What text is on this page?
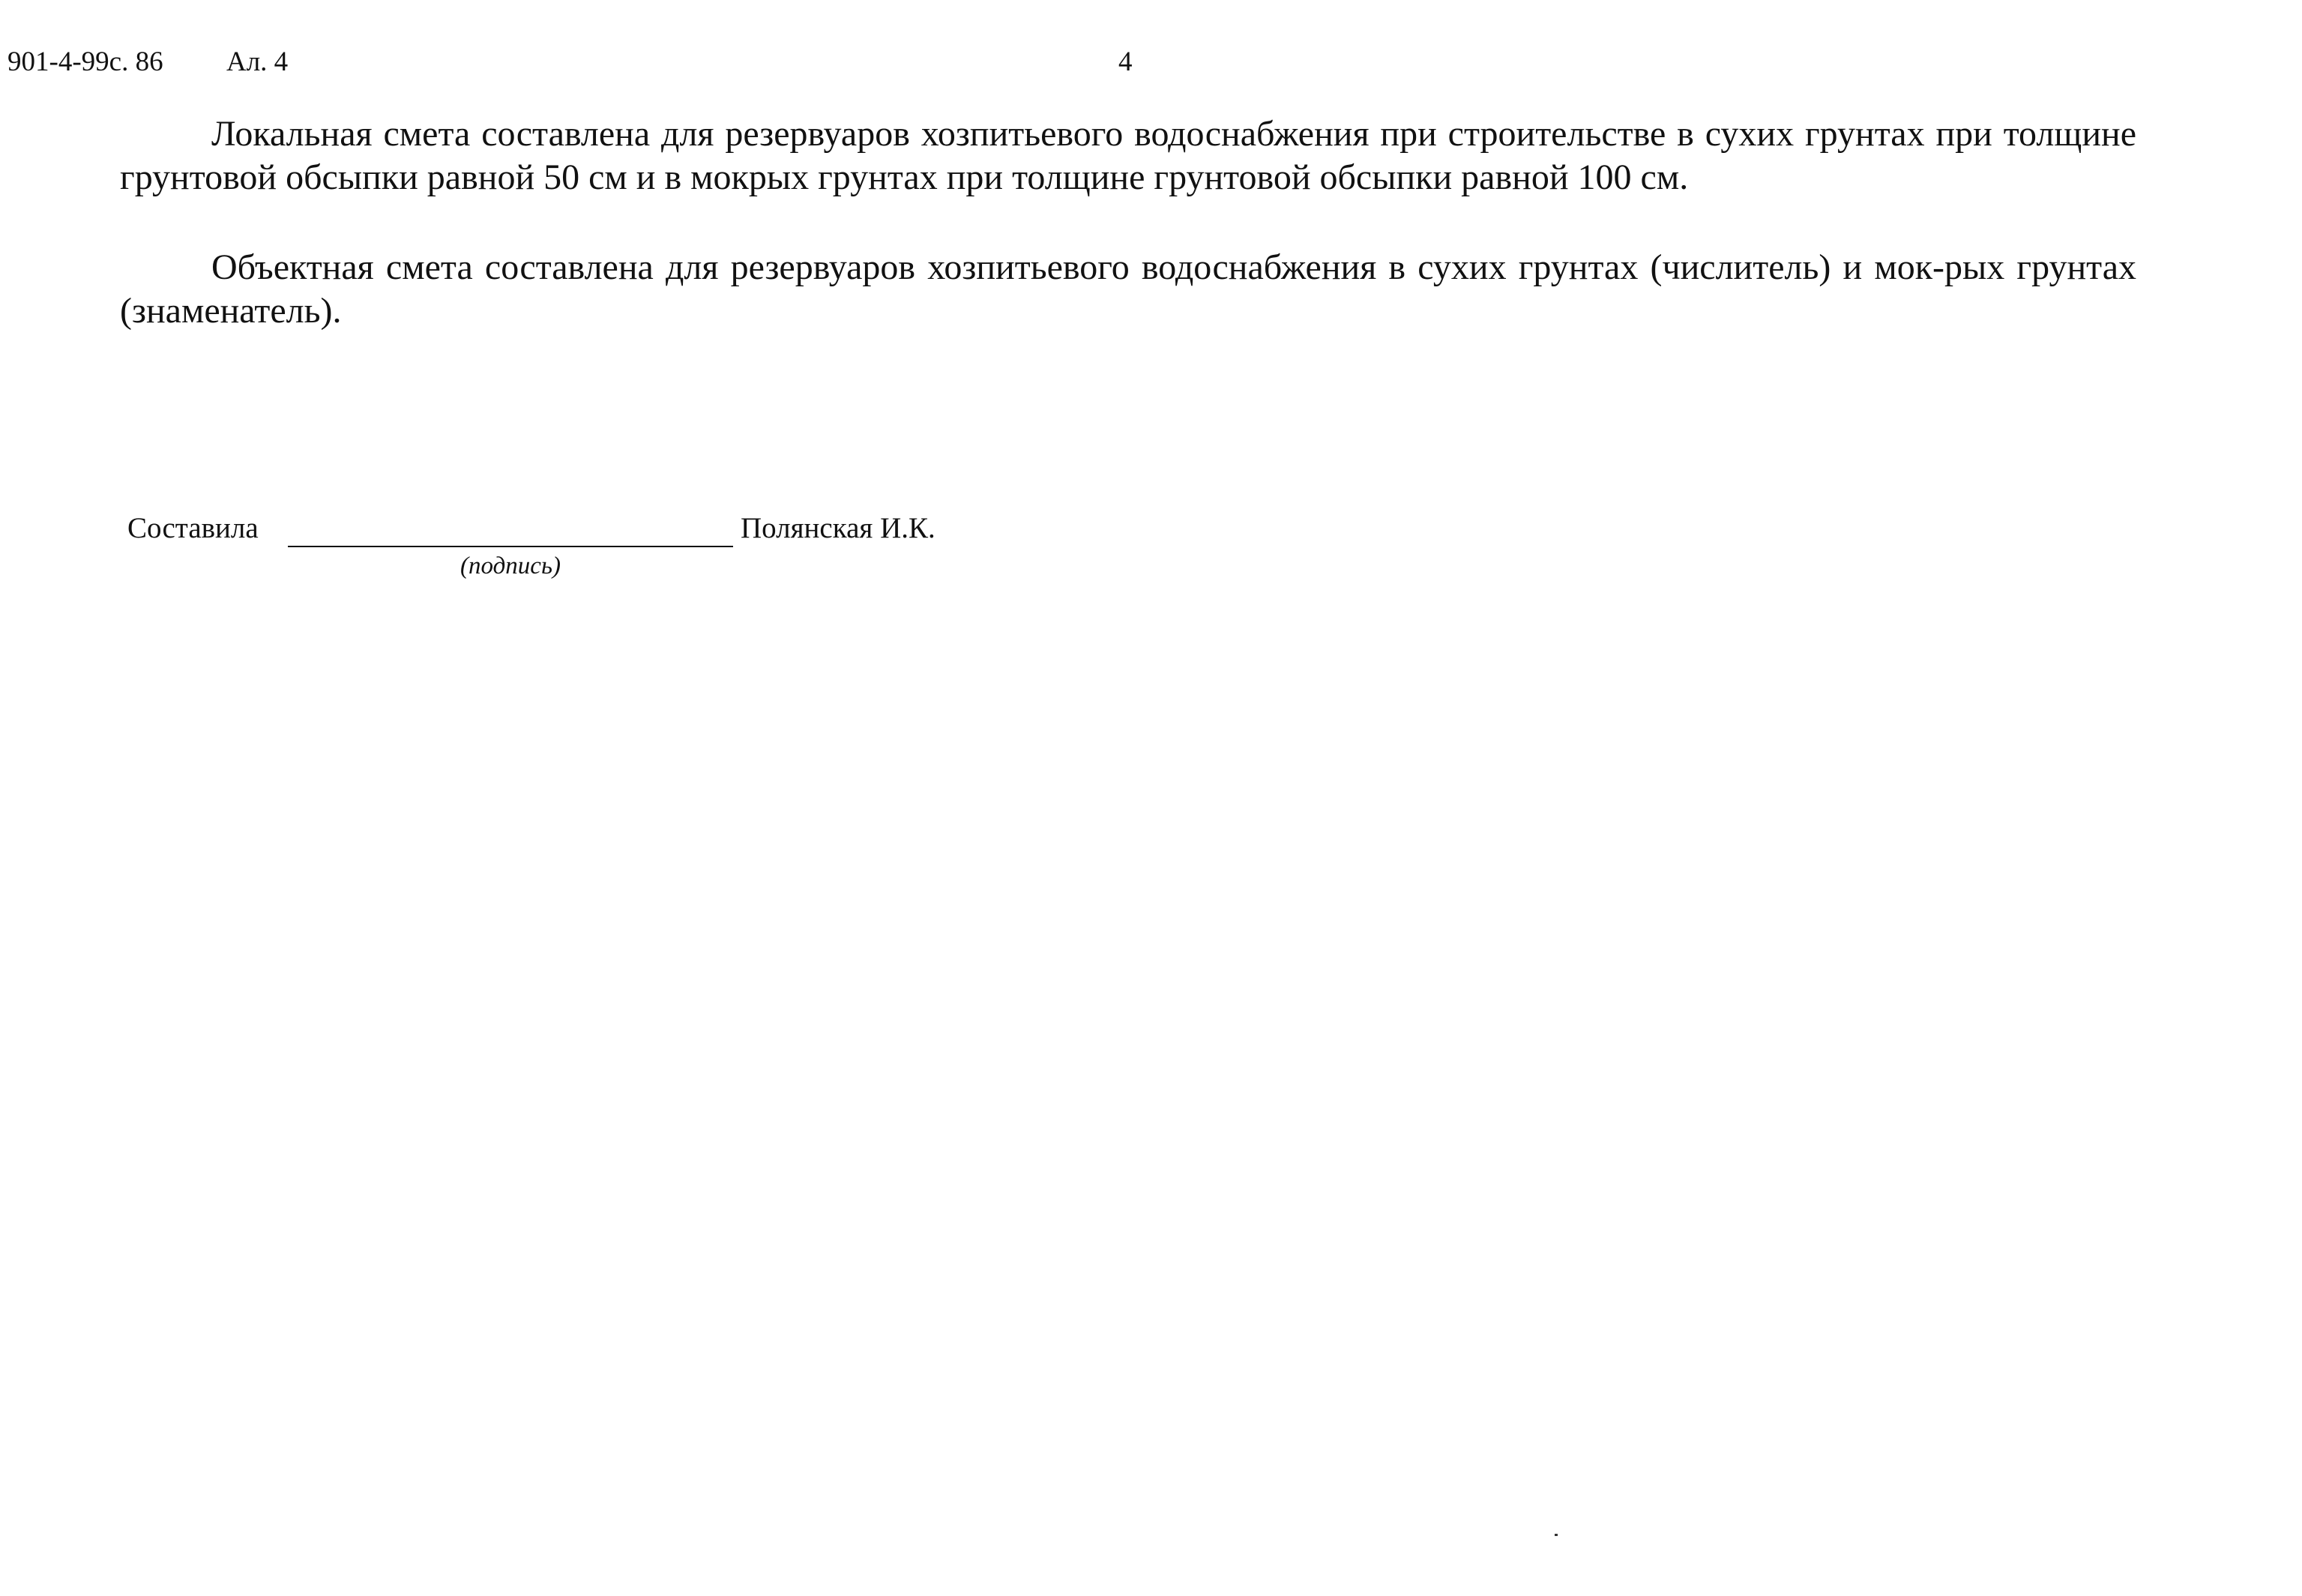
901-4-99с. 86 Ал. 4	4

Локальная смета составлена для резервуаров хозпитьевого водоснабжения при строительстве в сухих грунтах при толщине грунтовой обсыпки равной 50 см и в мокрых грунтах при толщине грунтовой обсыпки равной 100 см.

Объектная смета составлена для резервуаров хозпитьевого водоснабжения в сухих грунтах (числитель) и мок-рых грунтах (знаменатель).

Составила
(подпись)
Полянская И.К.
